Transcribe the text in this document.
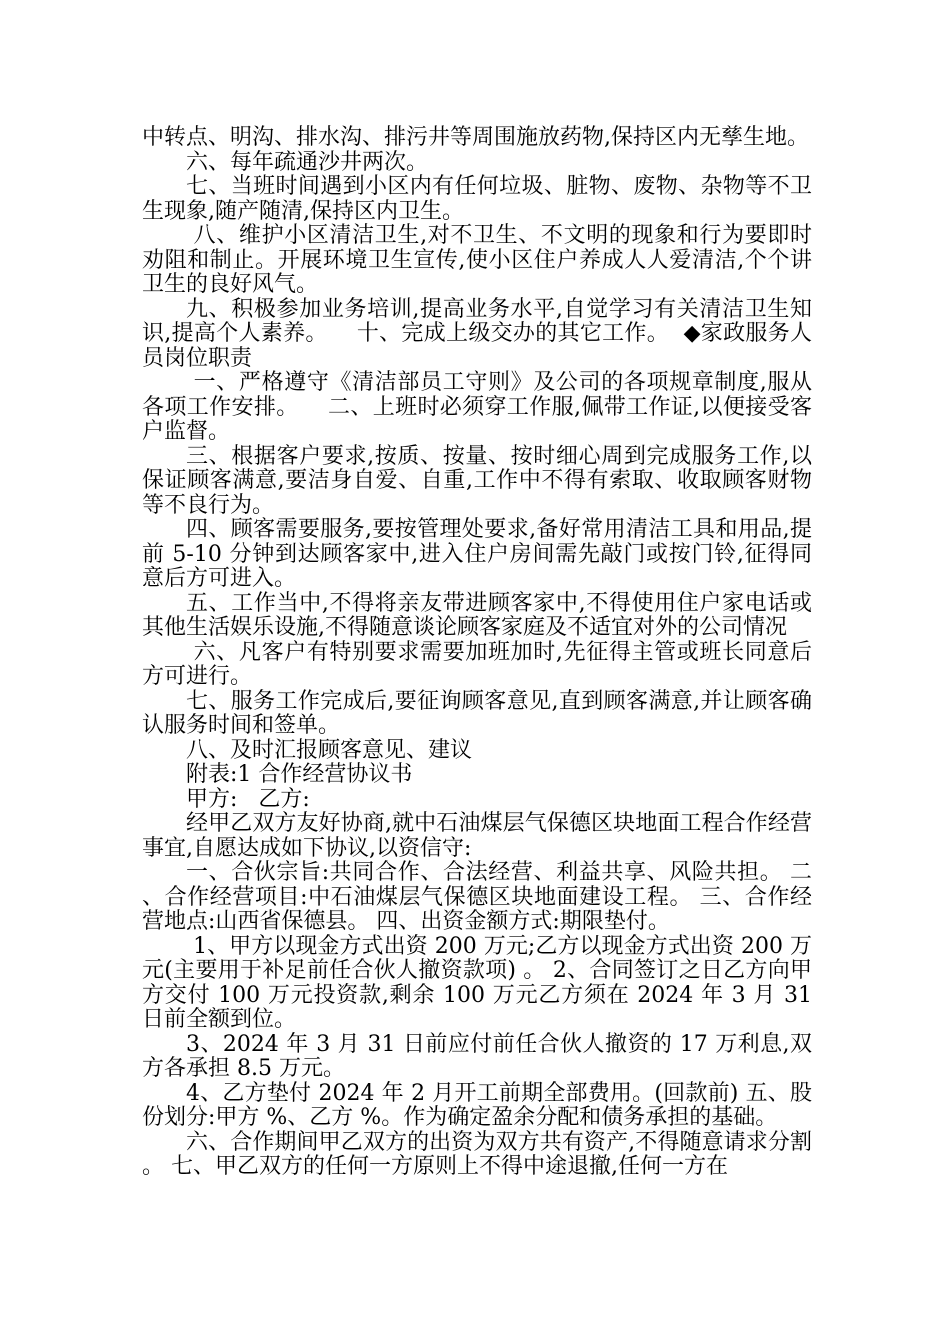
中转点、明沟、排水沟、排污井等周围施放药物,保持区内无孳生地。

六、每年疏通沙井两次。

七、当班时间遇到小区内有任何垃圾、脏物、废物、杂物等不卫生现象,随产随清,保持区内卫生。

八、维护小区清洁卫生,对不卫生、不文明的现象和行为要即时劝阻和制止。开展环境卫生宣传,使小区住户养成人人爱清洁,个个讲卫生的良好风气。

九、积极参加业务培训,提高业务水平,自觉学习有关清洁卫生知识,提高个人素养。    十、完成上级交办的其它工作。  ◆家政服务人员岗位职责

一、严格遵守《清洁部员工守则》及公司的各项规章制度,服从各项工作安排。    二、上班时必须穿工作服,佩带工作证,以便接受客户监督。

三、根据客户要求,按质、按量、按时细心周到完成服务工作,以保证顾客满意,要洁身自爱、自重,工作中不得有索取、收取顾客财物等不良行为。

四、顾客需要服务,要按管理处要求,备好常用清洁工具和用品,提前 5-10 分钟到达顾客家中,进入住户房间需先敲门或按门铃,征得同意后方可进入。

五、工作当中,不得将亲友带进顾客家中,不得使用住户家电话或其他生活娱乐设施,不得随意谈论顾客家庭及不适宜对外的公司情况

六、凡客户有特别要求需要加班加时,先征得主管或班长同意后方可进行。

七、服务工作完成后,要征询顾客意见,直到顾客满意,并让顾客确认服务时间和签单。

八、及时汇报顾客意见、建议

附表:1 合作经营协议书

甲方:   乙方:

经甲乙双方友好协商,就中石油煤层气保德区块地面工程合作经营事宜,自愿达成如下协议,以资信守:

一、合伙宗旨:共同合作、合法经营、利益共享、风险共担。 二、合作经营项目:中石油煤层气保德区块地面建设工程。 三、合作经营地点:山西省保德县。 四、出资金额方式:期限垫付。

1、甲方以现金方式出资 200 万元;乙方以现金方式出资 200 万元(主要用于补足前任合伙人撤资款项) 。 2、合同签订之日乙方向甲方交付 100 万元投资款,剩余 100 万元乙方须在 2024 年 3 月 31 日前全额到位。

3、2024 年 3 月 31 日前应付前任合伙人撤资的 17 万利息,双方各承担 8.5 万元。

4、乙方垫付 2024 年 2 月开工前期全部费用。(回款前) 五、股份划分:甲方 %、乙方 %。作为确定盈余分配和债务承担的基础。

六、合作期间甲乙双方的出资为双方共有资产,不得随意请求分割。 七、甲乙双方的任何一方原则上不得中途退撤,任何一方在
